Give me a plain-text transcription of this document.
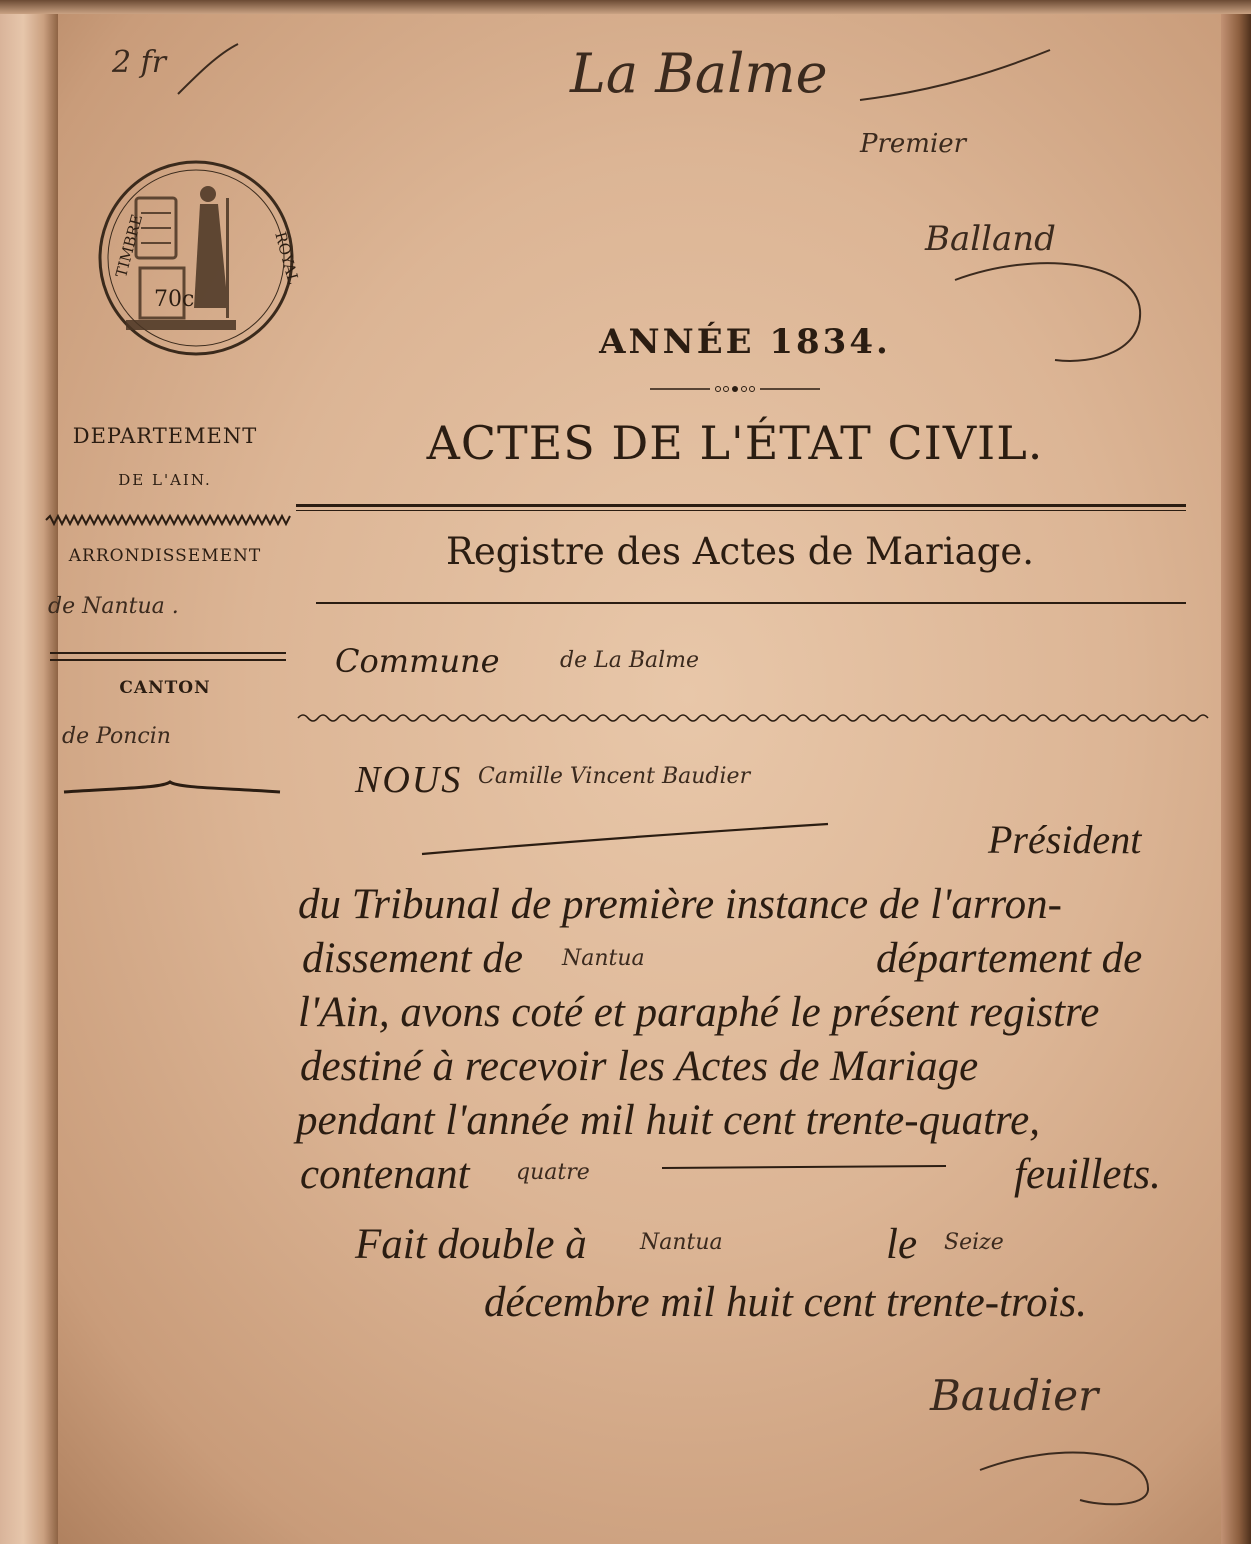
2 fr
70c
TIMBRE	ROYAL
DEPARTEMENT
DE L'AIN.
ARRONDISSEMENT
de Nantua .
CANTON
de Poncin
ANNÉE 1834.
ACTES DE L'ÉTAT CIVIL.
Registre des Actes de Mariage.
Commune	de La Balme
NOUS Camille Vincent Baudier
Président
du Tribunal de première instance de l'arron-
dissement de Nantua	département de
l'Ain, avons coté et paraphé le présent registre
destiné à recevoir les Actes de Mariage
pendant l'année mil huit cent trente-quatre,
contenant quatre	feuillets.
Fait double à Nantua	le Seize
décembre mil huit cent trente-trois.
La Balme
Premier
Balland
Baudier
